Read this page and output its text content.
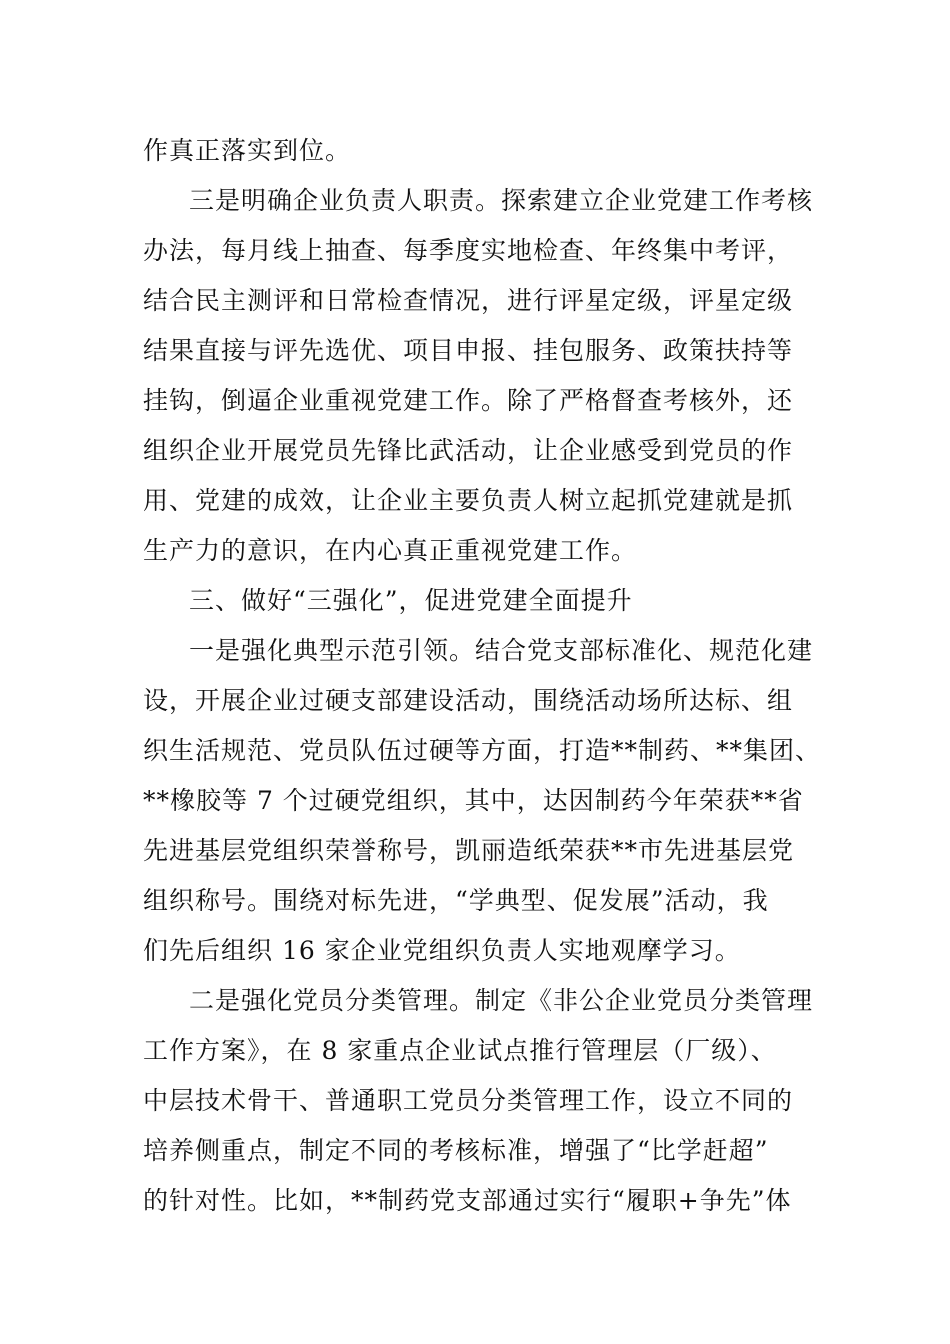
作真正落实到位。
三是明确企业负责人职责。探索建立企业党建工作考核
办法，每月线上抽查、每季度实地检查、年终集中考评，
结合民主测评和日常检查情况，进行评星定级，评星定级
结果直接与评先选优、项目申报、挂包服务、政策扶持等
挂钩，倒逼企业重视党建工作。除了严格督查考核外，还
组织企业开展党员先锋比武活动，让企业感受到党员的作
用、党建的成效，让企业主要负责人树立起抓党建就是抓
生产力的意识，在内心真正重视党建工作。
三、做好“三强化”，促进党建全面提升
一是强化典型示范引领。结合党支部标准化、规范化建
设，开展企业过硬支部建设活动，围绕活动场所达标、组
织生活规范、党员队伍过硬等方面，打造**制药、**集团、
**橡胶等 7 个过硬党组织，其中，达因制药今年荣获**省
先进基层党组织荣誉称号，凯丽造纸荣获**市先进基层党
组织称号。围绕对标先进，“学典型、促发展”活动，我
们先后组织 16 家企业党组织负责人实地观摩学习。
二是强化党员分类管理。制定《非公企业党员分类管理
工作方案》，在 8 家重点企业试点推行管理层（厂级）、
中层技术骨干、普通职工党员分类管理工作，设立不同的
培养侧重点，制定不同的考核标准，增强了“比学赶超”
的针对性。比如，**制药党支部通过实行“履职+争先”体
